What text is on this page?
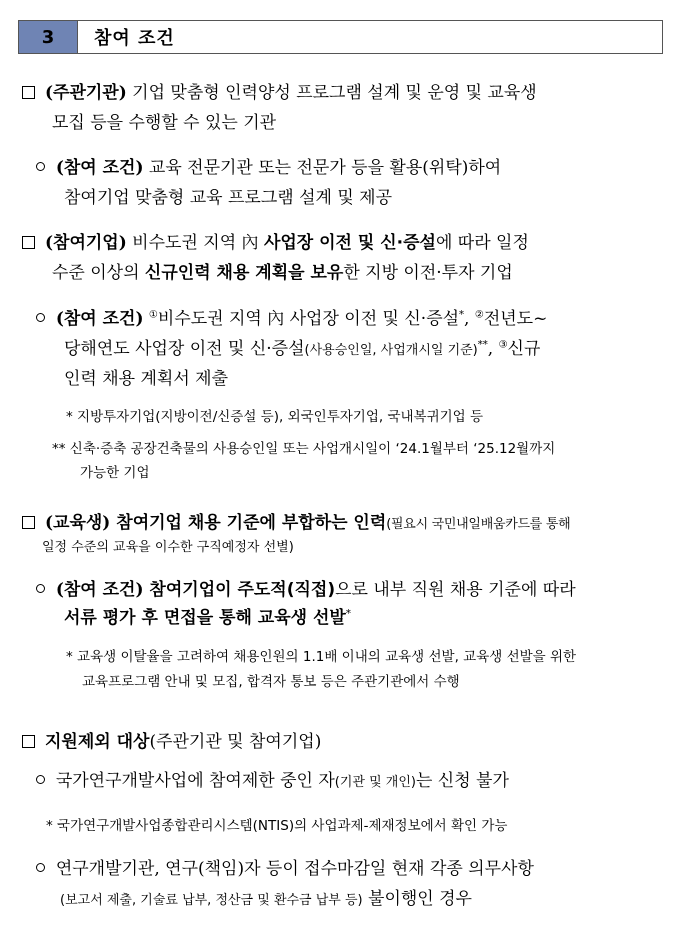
3	참여 조건
(주관기관) 기업 맞춤형 인력양성 프로그램 설계 및 운영 및 교육생
모집 등을 수행할 수 있는 기관
(참여 조건) 교육 전문기관 또는 전문가 등을 활용(위탁)하여
참여기업 맞춤형 교육 프로그램 설계 및 제공
(참여기업) 비수도권 지역 內 사업장 이전 및 신·증설에 따라 일정
수준 이상의 신규인력 채용 계획을 보유한 지방 이전·투자 기업
(참여 조건) ①비수도권 지역 內 사업장 이전 및 신·증설*, ②전년도~
당해연도 사업장 이전 및 신·증설(사용승인일, 사업개시일 기준)**, ③신규
인력 채용 계획서 제출
* 지방투자기업(지방이전/신증설 등), 외국인투자기업, 국내복귀기업 등
** 신축·증축 공장건축물의 사용승인일 또는 사업개시일이 ‘24.1월부터 ‘25.12월까지
가능한 기업
(교육생) 참여기업 채용 기준에 부합하는 인력(필요시 국민내일배움카드를 통해
일정 수준의 교육을 이수한 구직예정자 선별)
(참여 조건) 참여기업이 주도적(직접)으로 내부 직원 채용 기준에 따라
서류 평가 후 면접을 통해 교육생 선발*
* 교육생 이탈율을 고려하여 채용인원의 1.1배 이내의 교육생 선발, 교육생 선발을 위한
교육프로그램 안내 및 모집, 합격자 통보 등은 주관기관에서 수행
지원제외 대상(주관기관 및 참여기업)
국가연구개발사업에 참여제한 중인 자(기관 및 개인)는 신청 불가
* 국가연구개발사업종합관리시스템(NTIS)의 사업과제-제재정보에서 확인 가능
연구개발기관, 연구(책임)자 등이 접수마감일 현재 각종 의무사항
(보고서 제출, 기술료 납부, 정산금 및 환수금 납부 등) 불이행인 경우
